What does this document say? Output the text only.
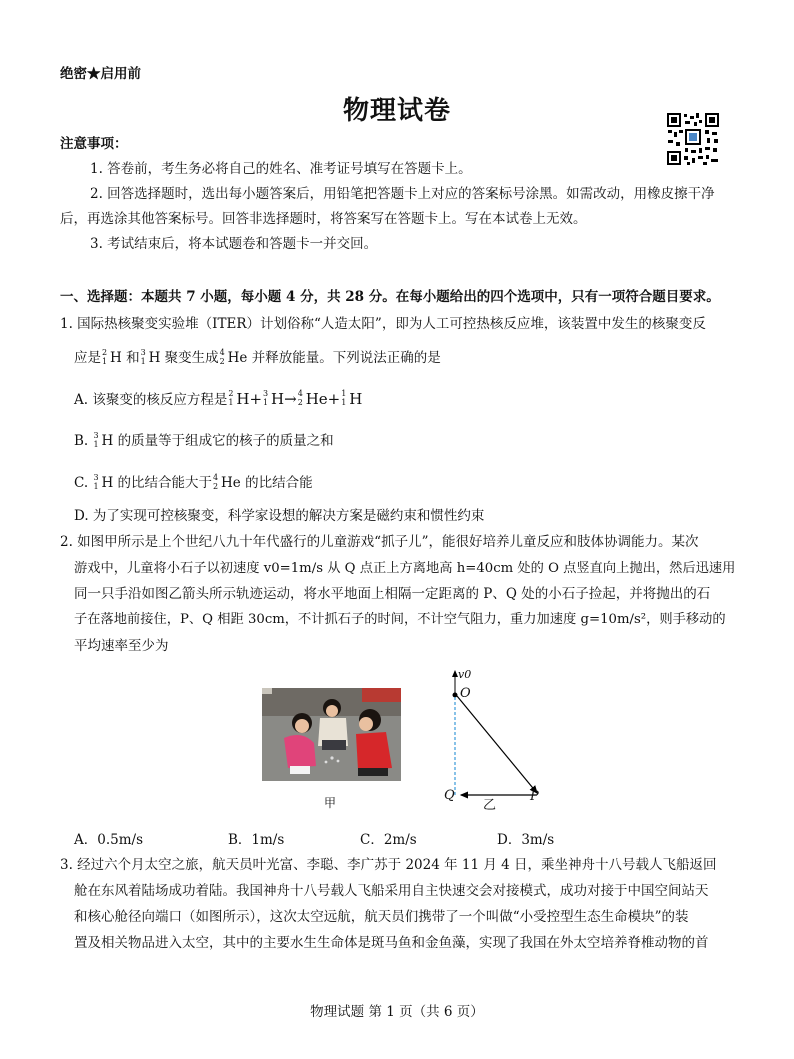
绝密★启用前
物理试卷
注意事项：
1. 答卷前，考生务必将自己的姓名、准考证号填写在答题卡上。
2. 回答选择题时，选出每小题答案后，用铅笔把答题卡上对应的答案标号涂黑。如需改动，用橡皮擦干净
后，再选涂其他答案标号。回答非选择题时，将答案写在答题卡上。写在本试卷上无效。
3. 考试结束后，将本试题卷和答题卡一并交回。
一、选择题：本题共 7 小题，每小题 4 分，共 28 分。在每小题给出的四个选项中，只有一项符合题目要求。
1. 国际热核聚变实验堆（ITER）计划俗称“人造太阳”，即为人工可控热核反应堆，该装置中发生的核聚变反
应是 2
1 H 和 3
1 H 聚变生成 4
2 He 并释放能量。下列说法正确的是
A. 该聚变的核反应方程是 2
1 H+ 3
1 H→ 4
2 He+ 1
1 H
B. 3
1 H 的质量等于组成它的核子的质量之和
C. 3
1 H 的比结合能大于 4
2 He 的比结合能
D. 为了实现可控核聚变，科学家设想的解决方案是磁约束和惯性约束
2. 如图甲所示是上个世纪八九十年代盛行的儿童游戏“抓子儿”，能很好培养儿童反应和肢体协调能力。某次
游戏中，儿童将小石子以初速度 v0=1m/s 从 Q 点正上方离地高 h=40cm 处的 O 点竖直向上抛出，然后迅速用
同一只手沿如图乙箭头所示轨迹运动，将水平地面上相隔一定距离的 P、Q 处的小石子捡起，并将抛出的石
子在落地前接住，P、Q 相距 30cm，不计抓石子的时间，不计空气阻力，重力加速度 g=10m/s²，则手移动的
平均速率至少为
甲
v0
O
Q	P
乙
A．0.5m/s	B．1m/s	C．2m/s	D．3m/s
3. 经过六个月太空之旅，航天员叶光富、李聪、李广苏于 2024 年 11 月 4 日，乘坐神舟十八号载人飞船返回
舱在东风着陆场成功着陆。我国神舟十八号载人飞船采用自主快速交会对接模式，成功对接于中国空间站天
和核心舱径向端口（如图所示），这次太空远航，航天员们携带了一个叫做“小受控型生态生命模块”的装
置及相关物品进入太空，其中的主要水生生命体是斑马鱼和金鱼藻，实现了我国在外太空培养脊椎动物的首
物理试题 第 1 页（共 6 页）
